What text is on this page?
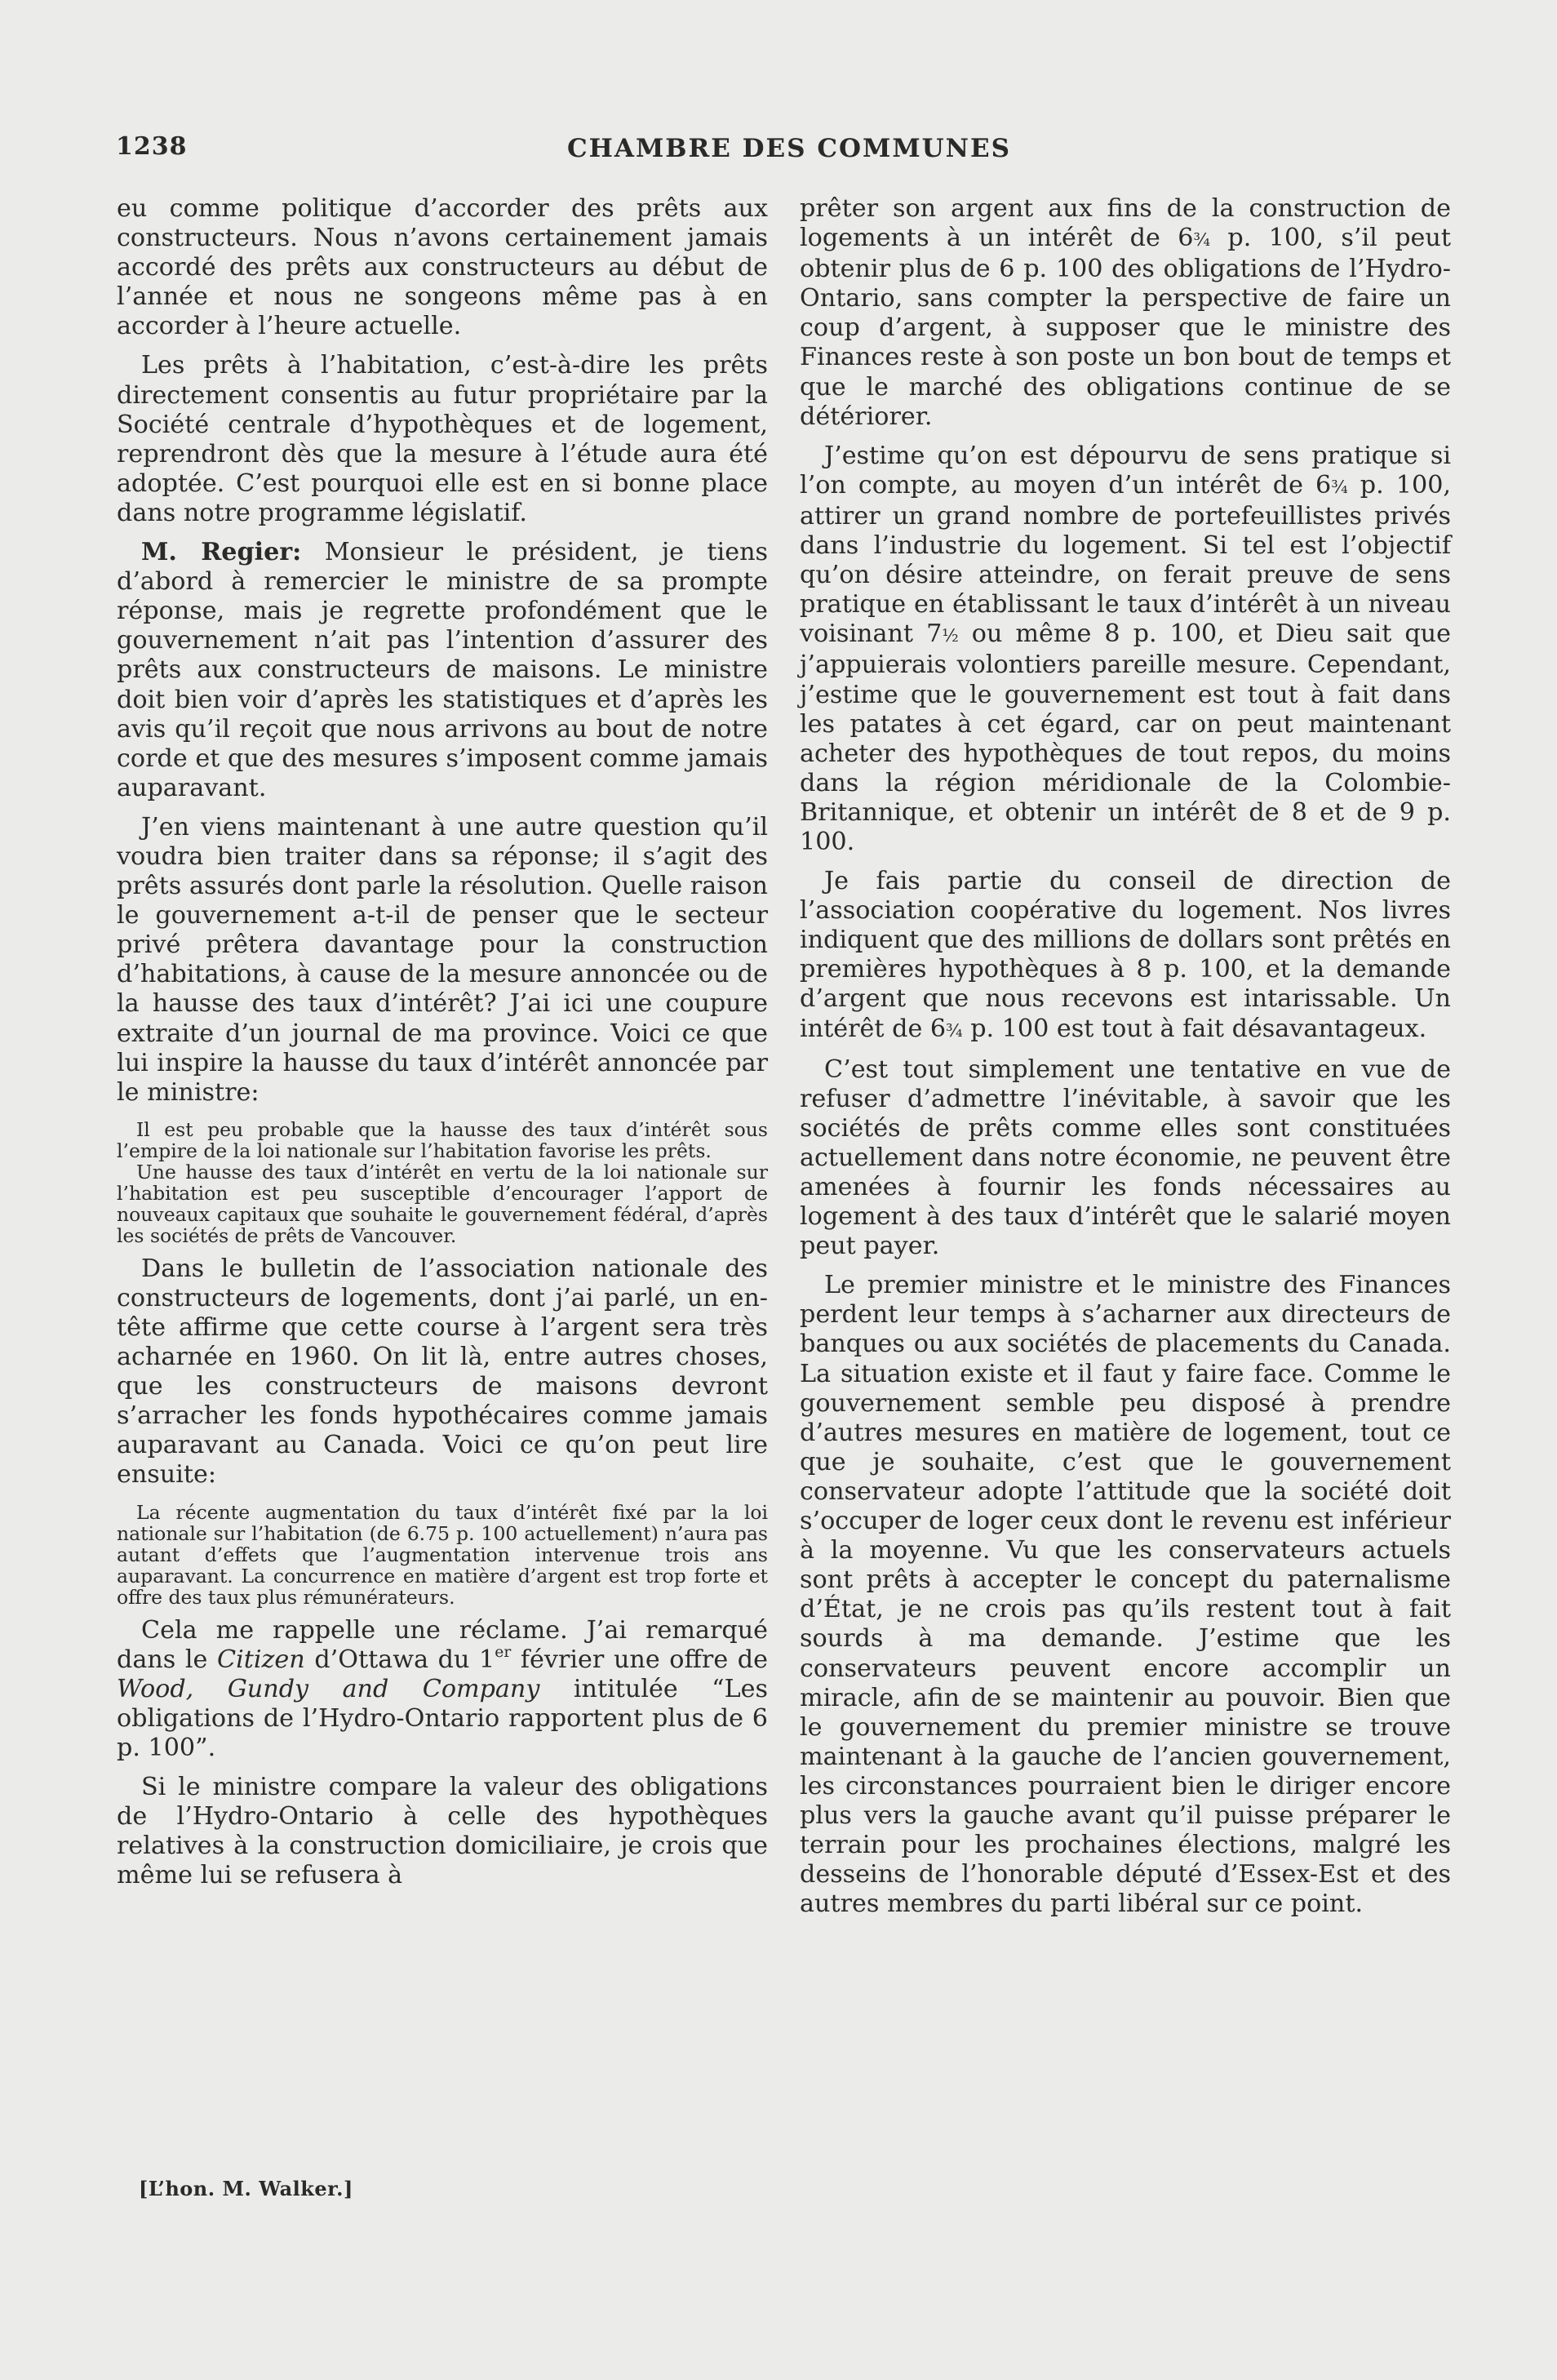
1238	CHAMBRE DES COMMUNES

eu comme politique d’accorder des prêts aux constructeurs. Nous n’avons certainement jamais accordé des prêts aux constructeurs au début de l’année et nous ne songeons même pas à en accorder à l’heure actuelle.

Les prêts à l’habitation, c’est-à-dire les prêts directement consentis au futur propriétaire par la Société centrale d’hypothèques et de logement, reprendront dès que la mesure à l’étude aura été adoptée. C’est pourquoi elle est en si bonne place dans notre programme législatif.

M. Regier: Monsieur le président, je tiens d’abord à remercier le ministre de sa prompte réponse, mais je regrette profondément que le gouvernement n’ait pas l’intention d’assurer des prêts aux constructeurs de maisons. Le ministre doit bien voir d’après les statistiques et d’après les avis qu’il reçoit que nous arrivons au bout de notre corde et que des mesures s’imposent comme jamais auparavant.

J’en viens maintenant à une autre question qu’il voudra bien traiter dans sa réponse; il s’agit des prêts assurés dont parle la résolution. Quelle raison le gouvernement a-t-il de penser que le secteur privé prêtera davantage pour la construction d’habitations, à cause de la mesure annoncée ou de la hausse des taux d’intérêt? J’ai ici une coupure extraite d’un journal de ma province. Voici ce que lui inspire la hausse du taux d’intérêt annoncée par le ministre:

Il est peu probable que la hausse des taux d’intérêt sous l’empire de la loi nationale sur l’habitation favorise les prêts.
Une hausse des taux d’intérêt en vertu de la loi nationale sur l’habitation est peu susceptible d’encourager l’apport de nouveaux capitaux que souhaite le gouvernement fédéral, d’après les sociétés de prêts de Vancouver.

Dans le bulletin de l’association nationale des constructeurs de logements, dont j’ai parlé, un en-tête affirme que cette course à l’argent sera très acharnée en 1960. On lit là, entre autres choses, que les constructeurs de maisons devront s’arracher les fonds hypothécaires comme jamais auparavant au Canada. Voici ce qu’on peut lire ensuite:

La récente augmentation du taux d’intérêt fixé par la loi nationale sur l’habitation (de 6.75 p. 100 actuellement) n’aura pas autant d’effets que l’augmentation intervenue trois ans auparavant. La concurrence en matière d’argent est trop forte et offre des taux plus rémunérateurs.

Cela me rappelle une réclame. J’ai remarqué dans le Citizen d’Ottawa du 1er février une offre de Wood, Gundy and Company intitulée “Les obligations de l’Hydro-Ontario rapportent plus de 6 p. 100”.

Si le ministre compare la valeur des obligations de l’Hydro-Ontario à celle des hypothèques relatives à la construction domiciliaire, je crois que même lui se refusera à

[L’hon. M. Walker.]

prêter son argent aux fins de la construction de logements à un intérêt de 6¾ p. 100, s’il peut obtenir plus de 6 p. 100 des obligations de l’Hydro-Ontario, sans compter la perspective de faire un coup d’argent, à supposer que le ministre des Finances reste à son poste un bon bout de temps et que le marché des obligations continue de se détériorer.

J’estime qu’on est dépourvu de sens pratique si l’on compte, au moyen d’un intérêt de 6¾ p. 100, attirer un grand nombre de portefeuillistes privés dans l’industrie du logement. Si tel est l’objectif qu’on désire atteindre, on ferait preuve de sens pratique en établissant le taux d’intérêt à un niveau voisinant 7½ ou même 8 p. 100, et Dieu sait que j’appuierais volontiers pareille mesure. Cependant, j’estime que le gouvernement est tout à fait dans les patates à cet égard, car on peut maintenant acheter des hypothèques de tout repos, du moins dans la région méridionale de la Colombie-Britannique, et obtenir un intérêt de 8 et de 9 p. 100.

Je fais partie du conseil de direction de l’association coopérative du logement. Nos livres indiquent que des millions de dollars sont prêtés en premières hypothèques à 8 p. 100, et la demande d’argent que nous recevons est intarissable. Un intérêt de 6¾ p. 100 est tout à fait désavantageux.

C’est tout simplement une tentative en vue de refuser d’admettre l’inévitable, à savoir que les sociétés de prêts comme elles sont constituées actuellement dans notre économie, ne peuvent être amenées à fournir les fonds nécessaires au logement à des taux d’intérêt que le salarié moyen peut payer.

Le premier ministre et le ministre des Finances perdent leur temps à s’acharner aux directeurs de banques ou aux sociétés de placements du Canada. La situation existe et il faut y faire face. Comme le gouvernement semble peu disposé à prendre d’autres mesures en matière de logement, tout ce que je souhaite, c’est que le gouvernement conservateur adopte l’attitude que la société doit s’occuper de loger ceux dont le revenu est inférieur à la moyenne. Vu que les conservateurs actuels sont prêts à accepter le concept du paternalisme d’État, je ne crois pas qu’ils restent tout à fait sourds à ma demande. J’estime que les conservateurs peuvent encore accomplir un miracle, afin de se maintenir au pouvoir. Bien que le gouvernement du premier ministre se trouve maintenant à la gauche de l’ancien gouvernement, les circonstances pourraient bien le diriger encore plus vers la gauche avant qu’il puisse préparer le terrain pour les prochaines élections, malgré les desseins de l’honorable député d’Essex-Est et des autres membres du parti libéral sur ce point.
